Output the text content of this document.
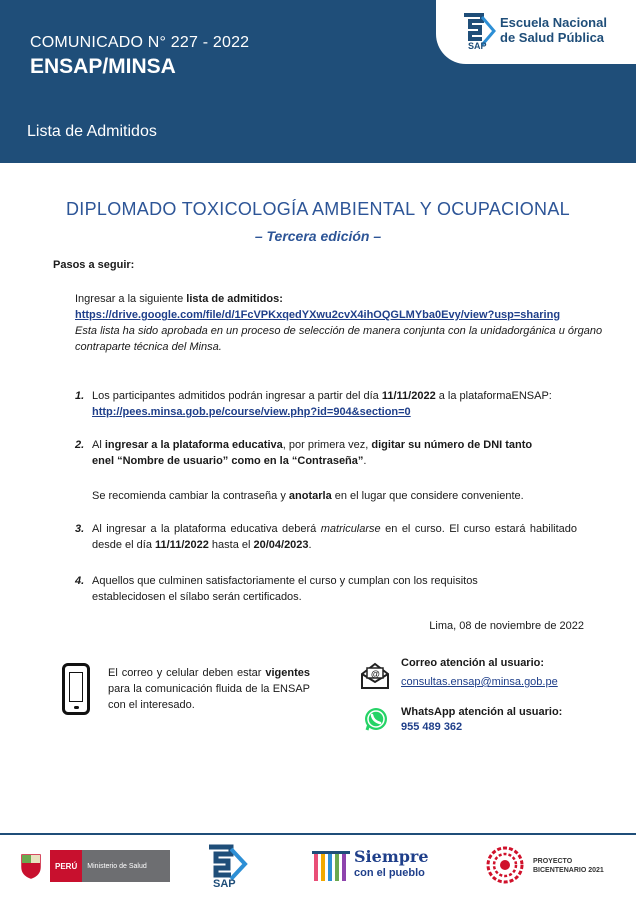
COMUNICADO N° 227 - 2022
ENSAP/MINSA
Lista de Admitidos
SAP
Escuela Nacional
de Salud Pública
DIPLOMADO TOXICOLOGÍA AMBIENTAL Y OCUPACIONAL
– Tercera edición –
Pasos a seguir:
Ingresar a la siguiente lista de admitidos:
https://drive.google.com/file/d/1FcVPKxqedYXwu2cvX4ihOQGLMYba0Evy/view?usp=sharing
Esta lista ha sido aprobada en un proceso de selección de manera conjunta con la unidadorgánica u órgano contraparte técnica del Minsa.
1. Los participantes admitidos podrán ingresar a partir del día 11/11/2022 a la plataformaENSAP: http://pees.minsa.gob.pe/course/view.php?id=904&section=0
2. Al ingresar a la plataforma educativa, por primera vez, digitar su número de DNI tanto enel “Nombre de usuario” como en la “Contraseña”.
Se recomienda cambiar la contraseña y anotarla en el lugar que considere conveniente.
3. Al ingresar a la plataforma educativa deberá matricularse en el curso. El curso estará habilitado desde el día 11/11/2022 hasta el 20/04/2023.
4. Aquellos que culminen satisfactoriamente el curso y cumplan con los requisitos establecidosen el sílabo serán certificados.
Lima, 08 de noviembre de 2022
El correo y celular deben estar vigentes para la comunicación fluida de la ENSAP con el interesado.
@
Correo atención al usuario:
consultas.ensap@minsa.gob.pe
WhatsApp atención al usuario:
955 489 362
PERÚ	Ministerio de Salud
SAP
Siempre
con el pueblo
PROYECTO
BICENTENARIO 2021
